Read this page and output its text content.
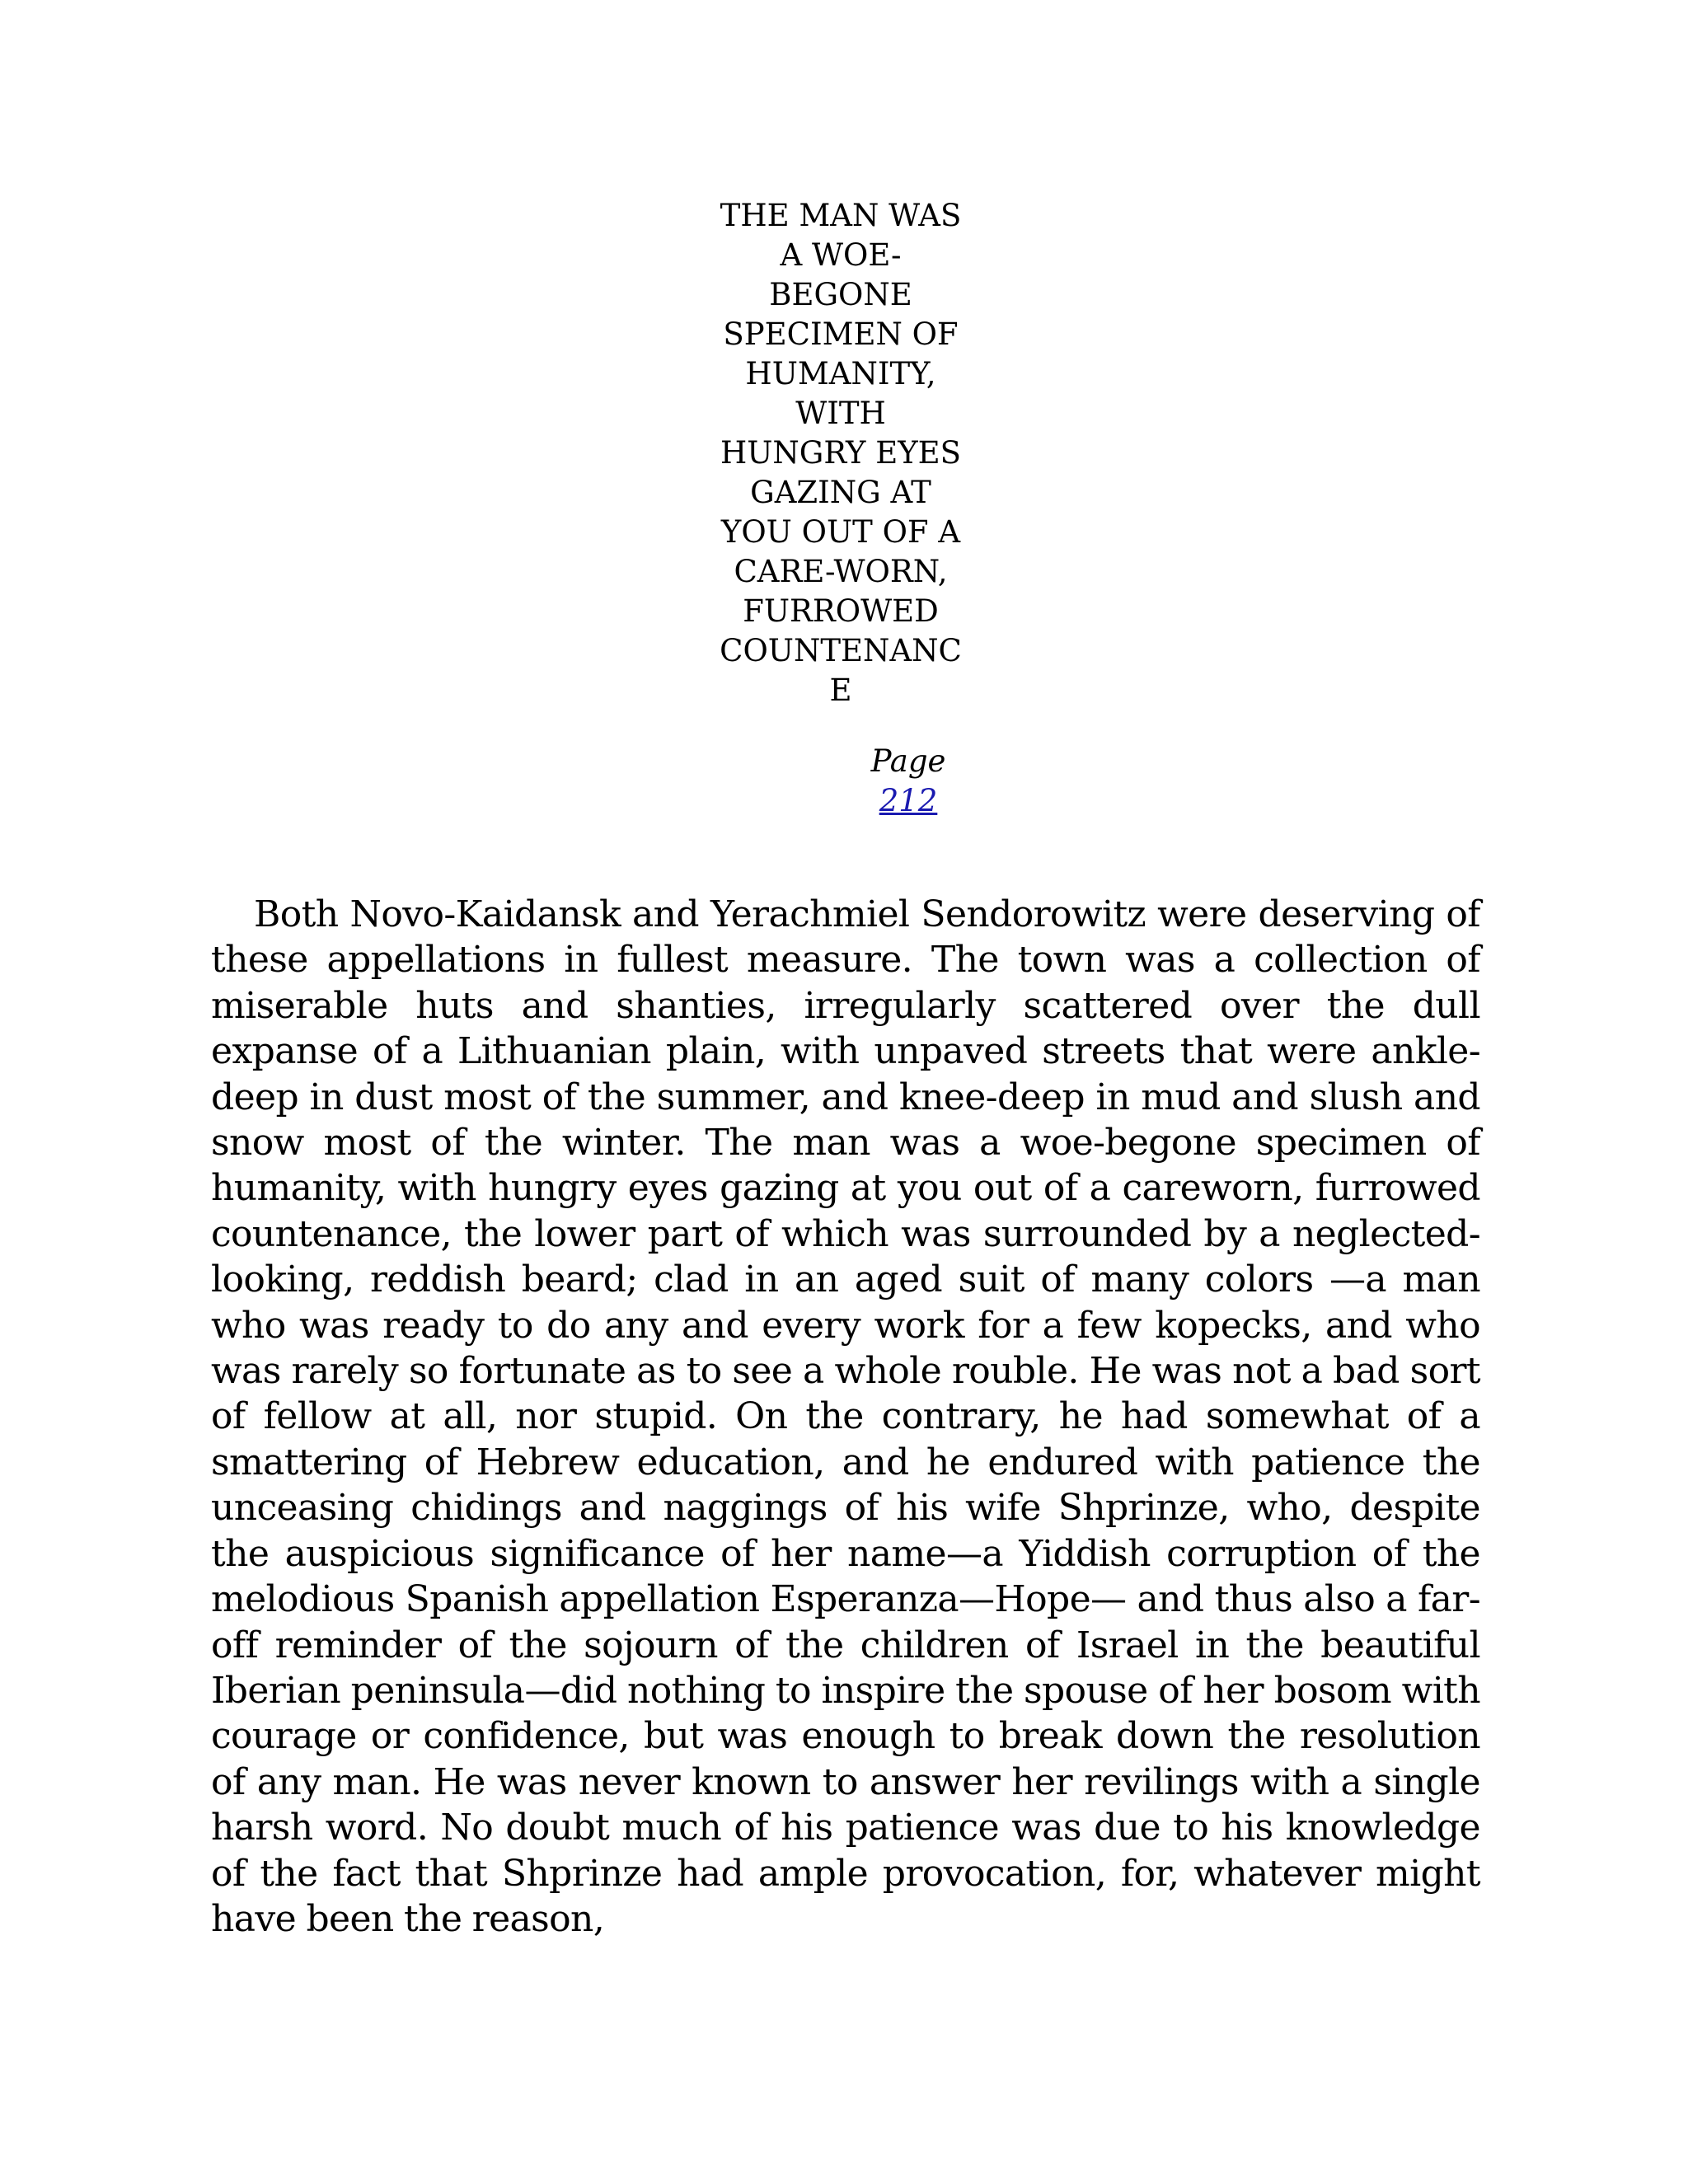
THE MAN WAS
A WOE-
BEGONE
SPECIMEN OF
HUMANITY,
WITH
HUNGRY EYES
GAZING AT
YOU OUT OF A
CARE-WORN,
FURROWED
COUNTENANC
E
Page
212

Both Novo-Kaidansk and Yerachmiel Sendorowitz were deserving of these appellations in fullest measure. The town was a collection of miserable huts and shanties, irregularly scattered over the dull expanse of a Lithuanian plain, with unpaved streets that were ankle-deep in dust most of the summer, and knee-deep in mud and slush and snow most of the winter. The man was a woe-begone specimen of humanity, with hungry eyes gazing at you out of a careworn, furrowed countenance, the lower part of which was surrounded by a neglected-looking, reddish beard; clad in an aged suit of many colors —a man who was ready to do any and every work for a few kopecks, and who was rarely so fortunate as to see a whole rouble. He was not a bad sort of fellow at all, nor stupid. On the contrary, he had somewhat of a smattering of Hebrew education, and he endured with patience the unceasing chidings and naggings of his wife Shprinze, who, despite the auspicious significance of her name—a Yiddish corruption of the melodious Spanish appellation Esperanza—Hope— and thus also a far-off reminder of the sojourn of the children of Israel in the beautiful Iberian peninsula—did nothing to inspire the spouse of her bosom with courage or confidence, but was enough to break down the resolution of any man. He was never known to answer her revilings with a single harsh word. No doubt much of his patience was due to his knowledge of the fact that Shprinze had ample provocation, for, whatever might have been the reason,
